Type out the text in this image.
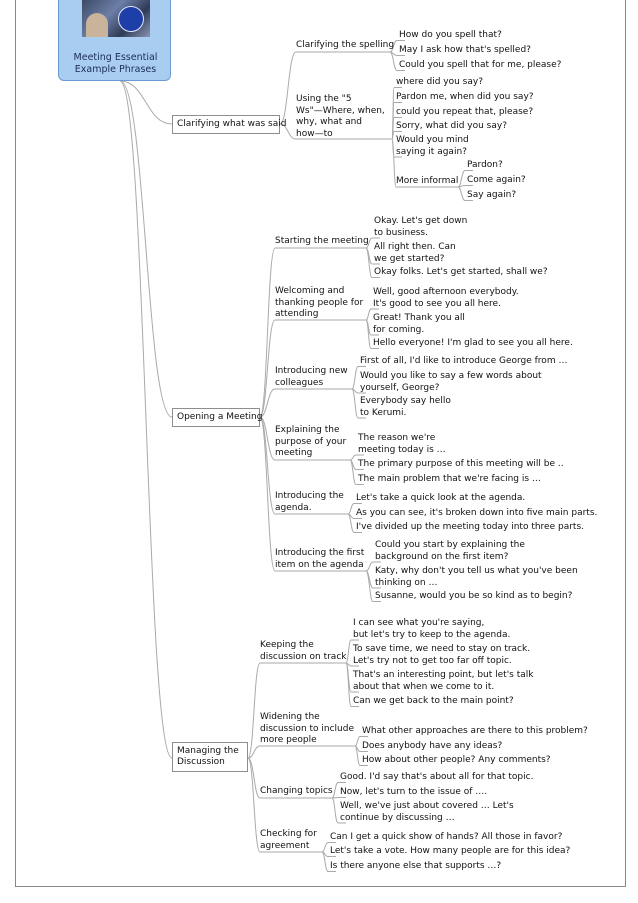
Meeting Essential
Example Phrases
Clarifying what was said
Clarifying the spelling
How do you spell that?
May I ask how that's spelled?
Could you spell that for me, please?
Using the "5
Ws"—Where, when,
why, what and
how—to
where did you say?
Pardon me, when did you say?
could you repeat that, please?
Sorry, what did you say?
Would you mind
saying it again?
More informal
Pardon?
Come again?
Say again?
Opening a Meeting
Starting the meeting
Okay. Let's get down
to business.
All right then. Can
we get started?
Okay folks. Let's get started, shall we?
Welcoming and
thanking people for
attending
Well, good afternoon everybody.
It's good to see you all here.
Great! Thank you all
for coming.
Hello everyone! I'm glad to see you all here.
Introducing new
colleagues
First of all, I'd like to introduce George from …
Would you like to say a few words about
yourself, George?
Everybody say hello
to Kerumi.
Explaining the
purpose of your
meeting
The reason we're
meeting today is …
The primary purpose of this meeting will be ..
The main problem that we're facing is …
Introducing the
agenda.
Let's take a quick look at the agenda.
As you can see, it's broken down into five main parts.
I've divided up the meeting today into three parts.
Introducing the first
item on the agenda
Could you start by explaining the
background on the first item?
Katy, why don't you tell us what you've been
thinking on …
Susanne, would you be so kind as to begin?
Managing the
Discussion
Keeping the
discussion on track
I can see what you're saying,
but let's try to keep to the agenda.
To save time, we need to stay on track.
Let's try not to get too far off topic.
That's an interesting point, but let's talk
about that when we come to it.
Can we get back to the main point?
Widening the
discussion to include
more people
What other approaches are there to this problem?
Does anybody have any ideas?
How about other people? Any comments?
Changing topics
Good. I'd say that's about all for that topic.
Now, let's turn to the issue of ….
Well, we've just about covered … Let's
continue by discussing …
Checking for
agreement
Can I get a quick show of hands? All those in favor?
Let's take a vote. How many people are for this idea?
Is there anyone else that supports …?
